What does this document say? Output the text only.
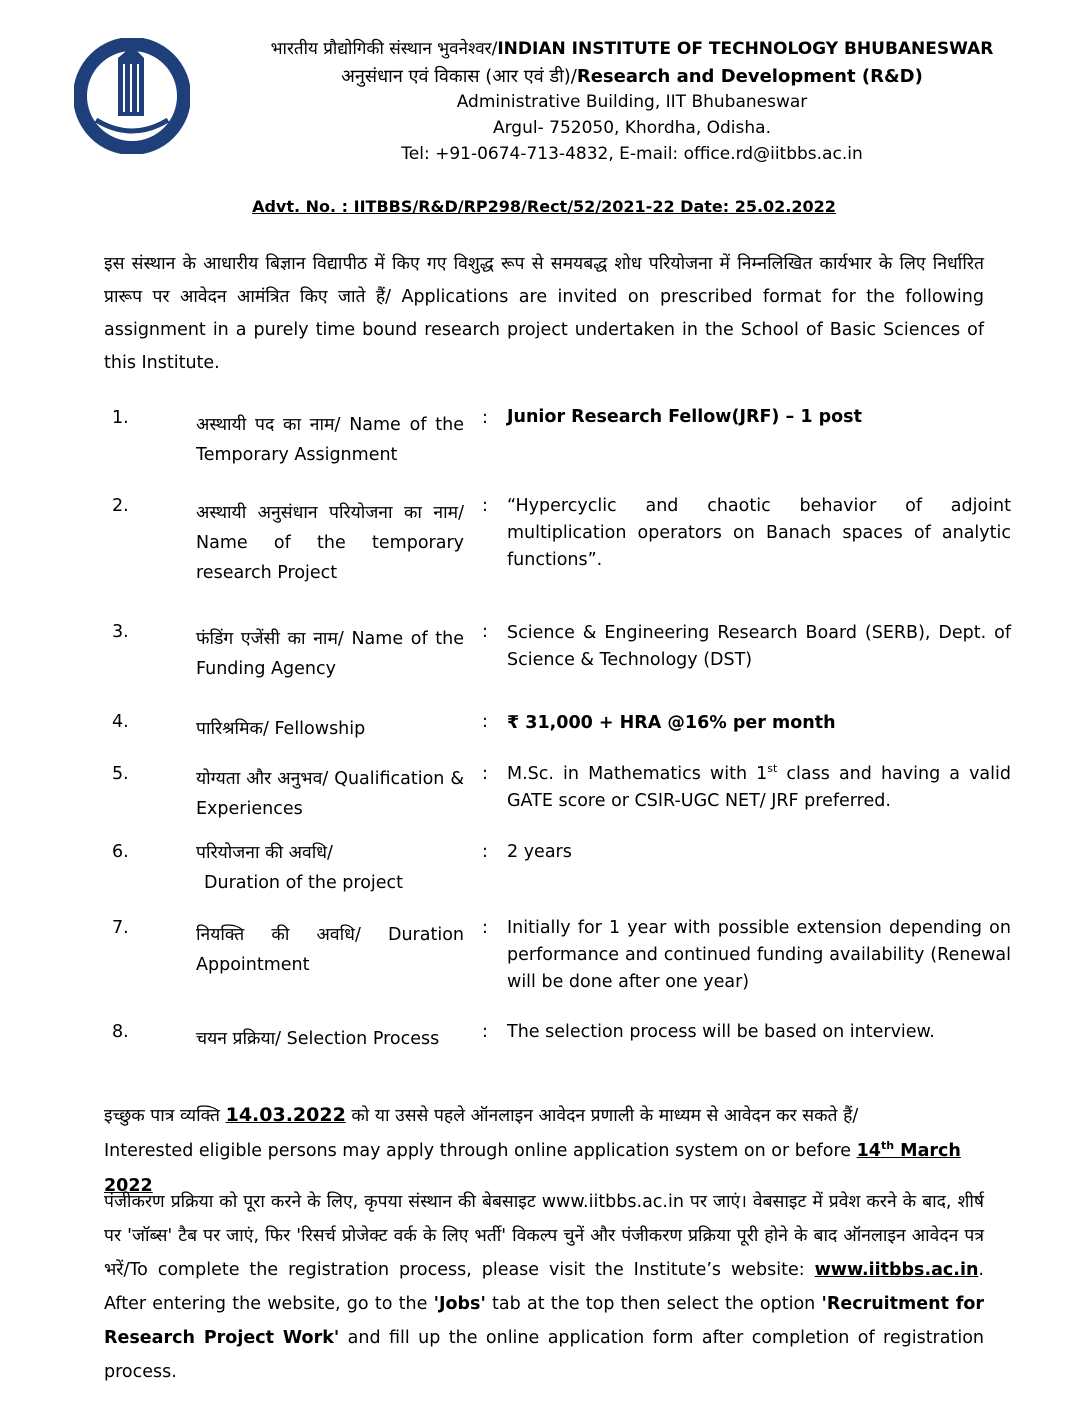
भारतीय प्रौद्योगिकी संस्थान भुवनेश्वर/INDIAN INSTITUTE OF TECHNOLOGY BHUBANESWAR
अनुसंधान एवं विकास (आर एवं डी)/Research and Development (R&D)
Administrative Building, IIT Bhubaneswar
Argul- 752050, Khordha, Odisha.
Tel: +91-0674-713-4832, E-mail: office.rd@iitbbs.ac.in
Advt. No. : IITBBS/R&D/RP298/Rect/52/2021-22 Date: 25.02.2022
इस संस्थान के आधारीय बिज्ञान विद्यापीठ में किए गए विशुद्ध रूप से समयबद्ध शोध परियोजना में निम्नलिखित कार्यभार के लिए निर्धारित प्रारूप पर आवेदन आमंत्रित किए जाते हैं/ Applications are invited on prescribed format for the following assignment in a purely time bound research project undertaken in the School of Basic Sciences of this Institute.
1.	अस्थायी पद का नाम/ Name of the Temporary Assignment
: Junior Research Fellow(JRF) – 1 post
2.	अस्थायी अनुसंधान परियोजना का नाम/ Name of the temporary research Project
: “Hypercyclic and chaotic behavior of adjoint multiplication operators on Banach spaces of analytic functions”.
3.	फंडिंग एजेंसी का नाम/ Name of the Funding Agency
: Science & Engineering Research Board (SERB), Dept. of Science & Technology (DST)
4.	पारिश्रमिक/ Fellowship	: ₹ 31,000 + HRA @16% per month
5.	योग्यता और अनुभव/ Qualification & Experiences
: M.Sc. in Mathematics with 1st class and having a valid GATE score or CSIR-UGC NET/ JRF preferred.
6.	परियोजना की अवधि/
Duration of the project
: 2 years
7.	नियक्ति की अवधि/ Duration Appointment
: Initially for 1 year with possible extension depending on performance and continued funding availability (Renewal will be done after one year)
8.	चयन प्रक्रिया/ Selection Process	: The selection process will be based on interview.
इच्छुक पात्र व्यक्ति 14.03.2022 को या उससे पहले ऑनलाइन आवेदन प्रणाली के माध्यम से आवेदन कर सकते हैं/
Interested eligible persons may apply through online application system on or before 14th March 2022
पंजीकरण प्रक्रिया को पूरा करने के लिए, कृपया संस्थान की बेबसाइट www.iitbbs.ac.in पर जाएं। वेबसाइट में प्रवेश करने के बाद, शीर्ष पर 'जॉब्स' टैब पर जाएं, फिर 'रिसर्च प्रोजेक्ट वर्क के लिए भर्ती' विकल्प चुनें और पंजीकरण प्रक्रिया पूरी होने के बाद ऑनलाइन आवेदन पत्र भरें/To complete the registration process, please visit the Institute’s website: www.iitbbs.ac.in. After entering the website, go to the 'Jobs' tab at the top then select the option 'Recruitment for Research Project Work' and fill up the online application form after completion of registration process.
